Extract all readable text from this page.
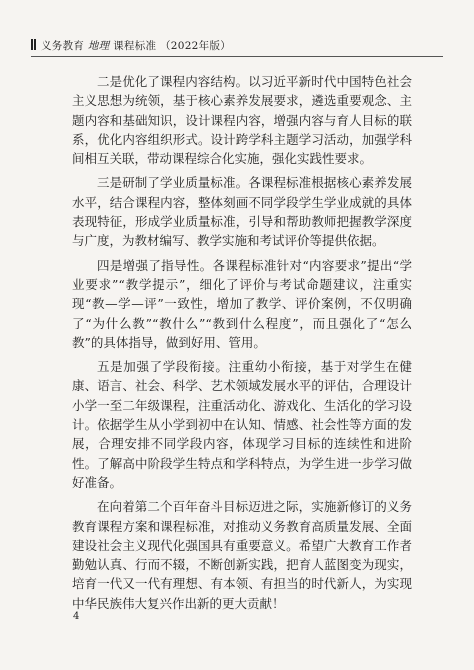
义务教育 地理 课程标准 （2022年版）

二是优化了课程内容结构。以习近平新时代中国特色社会主义思想为统领，基于核心素养发展要求，遴选重要观念、主题内容和基础知识，设计课程内容，增强内容与育人目标的联系，优化内容组织形式。设计跨学科主题学习活动，加强学科间相互关联，带动课程综合化实施，强化实践性要求。

三是研制了学业质量标准。各课程标准根据核心素养发展水平，结合课程内容，整体刻画不同学段学生学业成就的具体表现特征，形成学业质量标准，引导和帮助教师把握教学深度与广度，为教材编写、教学实施和考试评价等提供依据。

四是增强了指导性。各课程标准针对“内容要求”提出“学业要求”“教学提示”，细化了评价与考试命题建议，注重实现“教—学—评”一致性，增加了教学、评价案例，不仅明确了“为什么教”“教什么”“教到什么程度”，而且强化了“怎么教”的具体指导，做到好用、管用。

五是加强了学段衔接。注重幼小衔接，基于对学生在健康、语言、社会、科学、艺术领域发展水平的评估，合理设计小学一至二年级课程，注重活动化、游戏化、生活化的学习设计。依据学生从小学到初中在认知、情感、社会性等方面的发展，合理安排不同学段内容，体现学习目标的连续性和进阶性。了解高中阶段学生特点和学科特点，为学生进一步学习做好准备。

在向着第二个百年奋斗目标迈进之际，实施新修订的义务教育课程方案和课程标准，对推动义务教育高质量发展、全面建设社会主义现代化强国具有重要意义。希望广大教育工作者勤勉认真、行而不辍，不断创新实践，把育人蓝图变为现实，培育一代又一代有理想、有本领、有担当的时代新人，为实现中华民族伟大复兴作出新的更大贡献！

4
